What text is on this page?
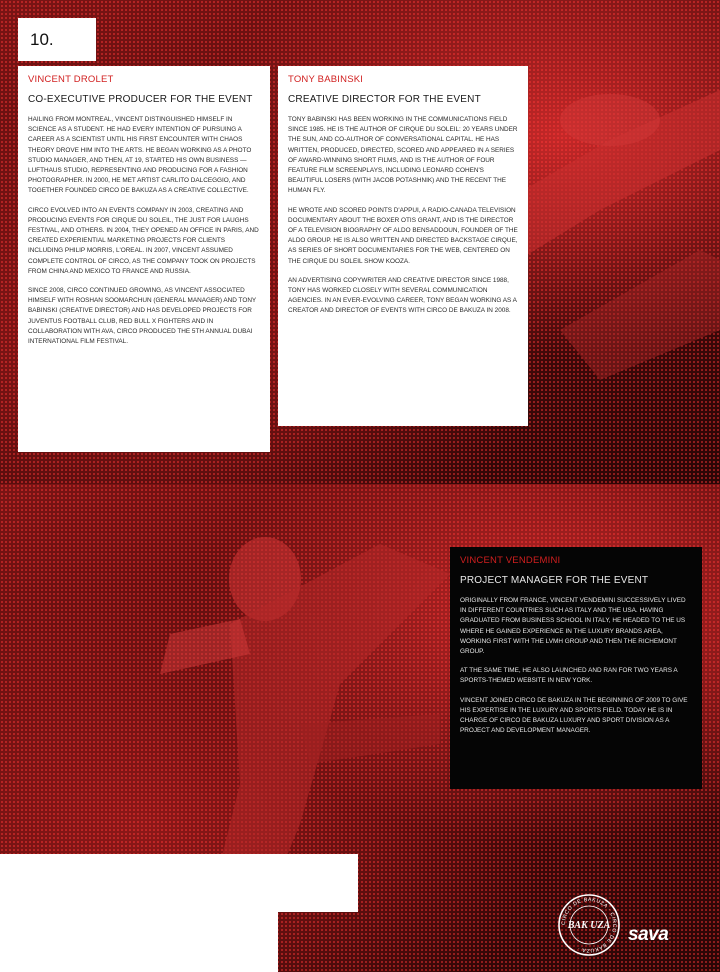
10.
VINCENT DROLET
CO-EXECUTIVE PRODUCER FOR THE EVENT

HAILING FROM MONTREAL, VINCENT DISTINGUISHED HIMSELF IN SCIENCE AS A STUDENT. HE HAD EVERY INTENTION OF PURSUING A CAREER AS A SCIENTIST UNTIL HIS FIRST ENCOUNTER WITH CHAOS THEORY DROVE HIM INTO THE ARTS. HE BEGAN WORKING AS A PHOTO STUDIO MANAGER, AND THEN, AT 19, STARTED HIS OWN BUSINESS — LUFTHAUS STUDIO, REPRESENTING AND PRODUCING FOR A FASHION PHOTOGRAPHER. IN 2000, HE MET ARTIST CARLITO DALCEGGIO, AND TOGETHER FOUNDED CIRCO DE BAKUZA AS A CREATIVE COLLECTIVE.

CIRCO EVOLVED INTO AN EVENTS COMPANY IN 2003, CREATING AND PRODUCING EVENTS FOR CIRQUE DU SOLEIL, THE JUST FOR LAUGHS FESTIVAL, AND OTHERS. IN 2004, THEY OPENED AN OFFICE IN PARIS, AND CREATED EXPERIENTIAL MARKETING PROJECTS FOR CLIENTS INCLUDING PHILIP MORRIS, L'OREAL. IN 2007, VINCENT ASSUMED COMPLETE CONTROL OF CIRCO, AS THE COMPANY TOOK ON PROJECTS FROM CHINA AND MEXICO TO FRANCE AND RUSSIA.

SINCE 2008, CIRCO CONTINUED GROWING, AS VINCENT ASSOCIATED HIMSELF WITH ROSHAN SOOMARCHUN (GENERAL MANAGER) AND TONY BABINSKI (CREATIVE DIRECTOR) AND HAS DEVELOPED PROJECTS FOR JUVENTUS FOOTBALL CLUB, RED BULL X FIGHTERS AND IN COLLABORATION WITH AVA, CIRCO PRODUCED THE 5TH ANNUAL DUBAI INTERNATIONAL FILM FESTIVAL.

TONY BABINSKI
CREATIVE DIRECTOR FOR THE EVENT

TONY BABINSKI HAS BEEN WORKING IN THE COMMUNICATIONS FIELD SINCE 1985. HE IS THE AUTHOR OF CIRQUE DU SOLEIL: 20 YEARS UNDER THE SUN, AND CO-AUTHOR OF CONVERSATIONAL CAPITAL. HE HAS WRITTEN, PRODUCED, DIRECTED, SCORED AND APPEARED IN A SERIES OF AWARD-WINNING SHORT FILMS, AND IS THE AUTHOR OF FOUR FEATURE FILM SCREENPLAYS, INCLUDING LEONARD COHEN'S BEAUTIFUL LOSERS (WITH JACOB POTASHNIK) AND THE RECENT THE HUMAN FLY.

HE WROTE AND SCORED POINTS D'APPUI, A RADIO-CANADA TELEVISION DOCUMENTARY ABOUT THE BOXER OTIS GRANT, AND IS THE DIRECTOR OF A TELEVISION BIOGRAPHY OF ALDO BENSADDOUN, FOUNDER OF THE ALDO GROUP. HE IS ALSO WRITTEN AND DIRECTED BACKSTAGE CIRQUE, AS SERIES OF SHORT DOCUMENTARIES FOR THE WEB, CENTERED ON THE CIRQUE DU SOLEIL SHOW KOOZA.

AN ADVERTISING COPYWRITER AND CREATIVE DIRECTOR SINCE 1988, TONY HAS WORKED CLOSELY WITH SEVERAL COMMUNICATION AGENCIES. IN AN EVER-EVOLVING CAREER, TONY BEGAN WORKING AS A CREATOR AND DIRECTOR OF EVENTS WITH CIRCO DE BAKUZA IN 2008.

VINCENT VENDEMINI
PROJECT MANAGER FOR THE EVENT

ORIGINALLY FROM FRANCE, VINCENT VENDEMINI SUCCESSIVELY LIVED IN DIFFERENT COUNTRIES SUCH AS ITALY AND THE USA. HAVING GRADUATED FROM BUSINESS SCHOOL IN ITALY, HE HEADED TO THE US WHERE HE GAINED EXPERIENCE IN THE LUXURY BRANDS AREA, WORKING FIRST WITH THE LVMH GROUP AND THEN THE RICHEMONT GROUP.

AT THE SAME TIME, HE ALSO LAUNCHED AND RAN FOR TWO YEARS A SPORTS-THEMED WEBSITE IN NEW YORK.

VINCENT JOINED CIRCO DE BAKUZA IN THE BEGINNING OF 2009 TO GIVE HIS EXPERTISE IN THE LUXURY AND SPORTS FIELD. TODAY HE IS IN CHARGE OF CIRCO DE BAKUZA LUXURY AND SPORT DIVISION AS A PROJECT AND DEVELOPMENT MANAGER.

CIRCO DE BAKUZA · CIRCO DE BAKUZA ·
BAK UZA sava
